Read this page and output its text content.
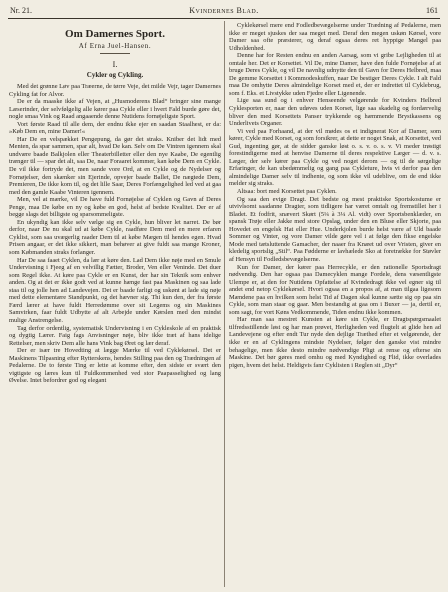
Nr. 21.	Kvindernes Blad.	161
Om Damernes Sport.
Af Erna Juel-Hansen.
I.
Cykler og Cykling.

Med det grønne Løv paa Træerne, de tørre Veje, det milde Vejr, tager Damernes Cykling fat for Alvor.

De er da maaske ikke af Vejen, at „Husmoderens Blad“ bringer sine mange Læserinder, der selvfølgelig alle kører paa Cykle eller i hvert Fald burde gøre det, nogle smaa Vink og Raad angaaende denne Nutidens fornøjeligste Sport.

Vort første Raad til alle dem, der endnu ikke ejer en saadan Staalhest, er da: »Køb Dem en, mine Damer!«

Har De en velspækket Pengepung, da gør det straks. Kniber det lidt med Menten, da spar sammen, spar alt, hvad De kan. Selv om De Vintren igennem skal undvære baade Balkjolen eller Theaterbilletter eller den nye Kaabe, De egentlig trænger til — spar det alt, saa De, naar Foraaret kommer, kan købe Dem en Cykle. De vil ikke fortryde det, men sande vore Ord, at en Cykle og de Nydelser og Fornøjelser, den skænker sin Ejerinde, opvejer baade Ballet, De nægtede Dem, Premieren, De ikke kom til, og det lille Saar, Deres Forfængelighed led ved at gaa med den gamle Kaabe Vinteren igennem.

Men, vel at mærke, vil De have fuld Fornøjelse af Cyklen og Gavn af Deres Penge, maa De købe en ny og købe en god, helst af bedste Kvalitet. Der er af begge slags det billigste og sparsommeligste.

En ukyndig kan ikke selv vælge sig en Cykle, hun bliver let narret. De bør derfor, naar De nu skal ud at købe Cykle, raadføre Dem med en mere erfaren Cyklist, som saa uvægerlig raader Dem til at købe Mægen til hendes egen. Hvad Prisen angaar, er det ikke sikkert, man behøver at give fuldt saa mange Kroner, som Købmanden straks forlanger.

Har De saa faaet Cyklen, da lær at køre den. Lad Dem ikke nøje med en Smule Undervisning i Fjeeg af en velvillig Fætter, Broder, Ven eller Veninde. Det duer som Regel ikke. At køre paa Cykle er en Kunst, der har sin Teknik som enhver anden. Og at det er ikke godt ved at kunne hænge fast paa Maskinen og saa lade staa til og jolle hen ad Landevejen. Det er baade farligt og uskønt at lade sig nøje med dette elementære Standpunkt, og det hævner sig. Thi kun den, der fra første Færd lærer at have fuldt Herredømme over sit Legems og sin Maskines Samvirken, faar fuldt Udbytte af alt Arbejde under Kørslen med den mindst mulige Anstrengelse.

Tag derfor ordentlig, systematisk Undervisning i en Cykleskole af en praktisk og dygtig Lærer. Faig fags Anvisninger nøje, bliv ikke træt af hans idelige Rettelser, men skriv Dem alle hans Vink bag Øret og lær deraf.

Der er især tre Hovedting at lægge Mærke til ved Cyklekørsel. Det er Maskinens Tilpasning efter Rytterskens, hendes Stilling paa den og Trædningen af Pedalerne. De to første Ting er lette at komme efter, den sidste er svært den vigtigste og læres kun til Fuldkommenhed ved stor Paapasselighed og lang Øvelse. Intet befordrer god og elegant

Cyklekørsel mere end Fodledbevægelserne under Trædning af Pedalerne, men ikke er meget sjuskes der saa meget med. Deraf den megen uskøn Kørsel, vore Damer saa ofte præsterer, og deraf ogsaa deres ret hyppige Mangel paa Udholdenhed.

Denne har for Resten endnu en anden Aarsag, som vi gribe Lejligheden til at omtale her. Det er Korsettet. Vil De, mine Damer, have den fulde Fornøjelse af at bruge Deres Cykle, og vil De navnlig udnytte den til Gavn for Deres Helbred, maa De gemme Korsettet i Kommodeskuffen, naar De bestiger Deres Cykle. I alt Fald maa De omhytte Deres almindelige Korset med et, der er indrettet til Cyklebrug, som f. Eks. et Livstykke uden Fjedre eller Ligenende.

Lige saa sund og i enhver Henseende velgørende for Kvinders Helbred Cyklesporten er, naar den udøves uden Korset, lige saa skadelig og fordærvelig bliver den med Korsettets Panser trykkende og hæmmende Brystkassens og Underlivets Organer.

Vi ved paa Forhaand, at der vil mødes os et indignerat Kor af Damer, som kører, Cykle med Korset, og som forsikrer, at dette er noget Snak, at Korsettet, ved Gud, ingenting gør, at de sidder ganske løst o. s. v. o. s. v. Vi meder trøstigt forestindigerne med at henvise Damerne til deres respektive Læger — d. v. s. Læger, der selv kører paa Cykle og ved noget derom — og til de sørgelige Erfaringer, de kan ubedømmelig og gang paa Cykleture, hvis vi derfor paa den almindelige Damer selv til indhente, og som ikke vil udeblive, om de end ikke melder sig straks.

Altsaa: bort med Korsettet paa Cyklen.

Og saa den evige Dragt. Det bedste og mest praktiske Sportskostume er utvivlsomt saadanne Dragter, som tidligere har været omtalt og fremstillet her i Bladet. Et fodfrit, snævert Skørt (5¼ à 3¼ Al. vidt) over Sportsbenklæder, en spansk Trøje eller Jakke med store Opslag, under den en Bluse eller Skjorte, paa Hovedet en engelsk Hat eller Hue. Underkjolen burde helst være af Uld baade Sommer og Vinter, og vore Damer vilde gøre vel i at følge den fikse engelske Mode med tætsluttende Gamacher, der naaer fra Knæet ud over Vristen, giver en kledelig sportslig „Stil“. Paa Fødderne er lavhælede Sko at foretrække for Støvler af Hensyn til Fodledsbevægelserne.

Kun for Damer, der kører paa Herrecykle, er den rationelle Sportsdragt nødvendig. Den har ogsaa paa Damecyklen mange Fordele, dens væsentligste Ulempe er, at den for Nutidens Opfattelse af Kvindedragt ikke vel egner sig til andet end netop Cyklekørsel. Hvori ogsaa en a propos af, at man tilgaa ligesom Mændene paa en hvilken som helst Tid af Dagen skal kunne sætte sig op paa sin Cykle, som man staar og gaar. Men bestandig at gaa om i Buxer — ja, dertil er, som sagt, for vort Køns Vedkommende, Tiden endnu ikke kommen.

Har man saa mestret Kunsten at køre sin Cykle, er Dragtspørgsmaalet tilfredsstillende løst og har man prøvet, Herligheden ved flugtelt at glide hen ad Landevejene og efter endt Tur nyde den dejlige Træthed efter et velgørende, der ikke er en af Cyklingens mindste Nydelser, følger den ganske vist mindre behagelige, men ikke desto mindre nødvendige Pligt at rense og efterse sin Maskine. Det bør gøres med omhu og med Kyndighed og Flid, ikke overlades pigen, hvem det helst. Heldigvis fanr Cyklisten i Reglen sit „Dyr“
